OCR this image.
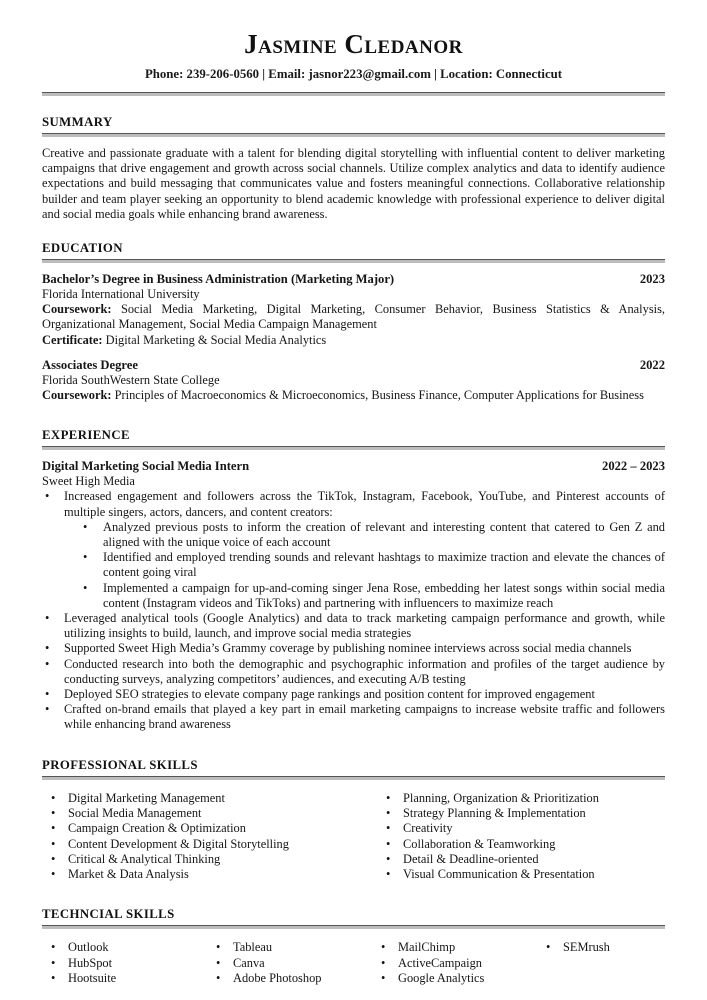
Jasmine Cledanor
Phone: 239-206-0560 | Email: jasnor223@gmail.com | Location: Connecticut
SUMMARY

Creative and passionate graduate with a talent for blending digital storytelling with influential content to deliver marketing campaigns that drive engagement and growth across social channels. Utilize complex analytics and data to identify audience expectations and build messaging that communicates value and fosters meaningful connections. Collaborative relationship builder and team player seeking an opportunity to blend academic knowledge with professional experience to deliver digital and social media goals while enhancing brand awareness.

EDUCATION
Bachelor’s Degree in Business Administration (Marketing Major)	2023
Florida International University
Coursework: Social Media Marketing, Digital Marketing, Consumer Behavior, Business Statistics & Analysis, Organizational Management, Social Media Campaign Management
Certificate: Digital Marketing & Social Media Analytics
Associates Degree	2022
Florida SouthWestern State College
Coursework: Principles of Macroeconomics & Microeconomics, Business Finance, Computer Applications for Business
EXPERIENCE
Digital Marketing Social Media Intern	2022 – 2023
Sweet High Media
•	Increased engagement and followers across the TikTok, Instagram, Facebook, YouTube, and Pinterest accounts of multiple singers, actors, dancers, and content creators:
•	Analyzed previous posts to inform the creation of relevant and interesting content that catered to Gen Z and aligned with the unique voice of each account
•	Identified and employed trending sounds and relevant hashtags to maximize traction and elevate the chances of content going viral
•	Implemented a campaign for up-and-coming singer Jena Rose, embedding her latest songs within social media content (Instagram videos and TikToks) and partnering with influencers to maximize reach
•	Leveraged analytical tools (Google Analytics) and data to track marketing campaign performance and growth, while utilizing insights to build, launch, and improve social media strategies
•	Supported Sweet High Media’s Grammy coverage by publishing nominee interviews across social media channels
•	Conducted research into both the demographic and psychographic information and profiles of the target audience by conducting surveys, analyzing competitors’ audiences, and executing A/B testing
•	Deployed SEO strategies to elevate company page rankings and position content for improved engagement
•	Crafted on-brand emails that played a key part in email marketing campaigns to increase website traffic and followers while enhancing brand awareness
PROFESSIONAL SKILLS
•	Digital Marketing Management
•	Social Media Management
•	Campaign Creation & Optimization
•	Content Development & Digital Storytelling
•	Critical & Analytical Thinking
•	Market & Data Analysis
•	Planning, Organization & Prioritization
•	Strategy Planning & Implementation
•	Creativity
•	Collaboration & Teamworking
•	Detail & Deadline-oriented
•	Visual Communication & Presentation
TECHNCIAL SKILLS
•	Outlook
•	HubSpot
•	Hootsuite
•	Tableau
•	Canva
•	Adobe Photoshop
•	MailChimp
•	ActiveCampaign
•	Google Analytics
•	SEMrush
